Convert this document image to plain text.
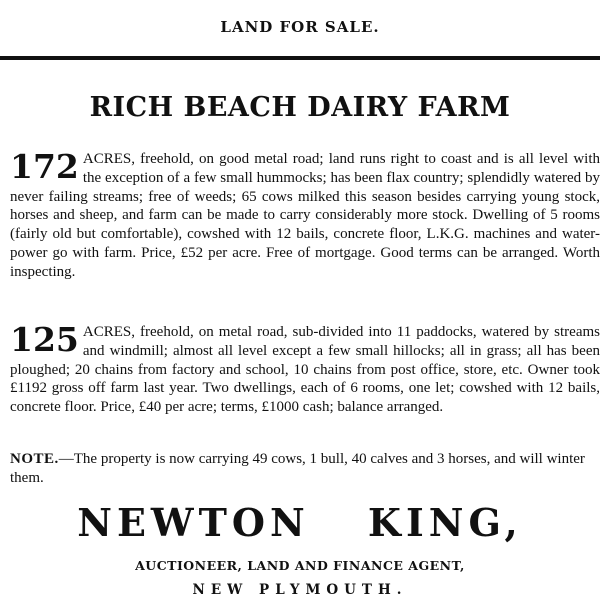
LAND FOR SALE.
RICH BEACH DAIRY FARM
172 ACRES, freehold, on good metal road; land runs right to coast and is all level with the exception of a few small hummocks; has been flax country; splendidly watered by never failing streams; free of weeds; 65 cows milked this season besides carrying young stock, horses and sheep, and farm can be made to carry considerably more stock. Dwelling of 5 rooms (fairly old but comfortable), cowshed with 12 bails, concrete floor, L.K.G. machines and water-power go with farm. Price, £52 per acre. Free of mortgage. Good terms can be arranged. Worth inspecting.
125 ACRES, freehold, on metal road, sub-divided into 11 paddocks, watered by streams and windmill; almost all level except a few small hillocks; all in grass; all has been ploughed; 20 chains from factory and school, 10 chains from post office, store, etc. Owner took £1192 gross off farm last year. Two dwellings, each of 6 rooms, one let; cowshed with 12 bails, concrete floor. Price, £40 per acre; terms, £1000 cash; balance arranged.
NOTE.—The property is now carrying 49 cows, 1 bull, 40 calves and 3 horses, and will winter them.
NEWTON KING,
AUCTIONEER, LAND AND FINANCE AGENT,
NEW PLYMOUTH.
